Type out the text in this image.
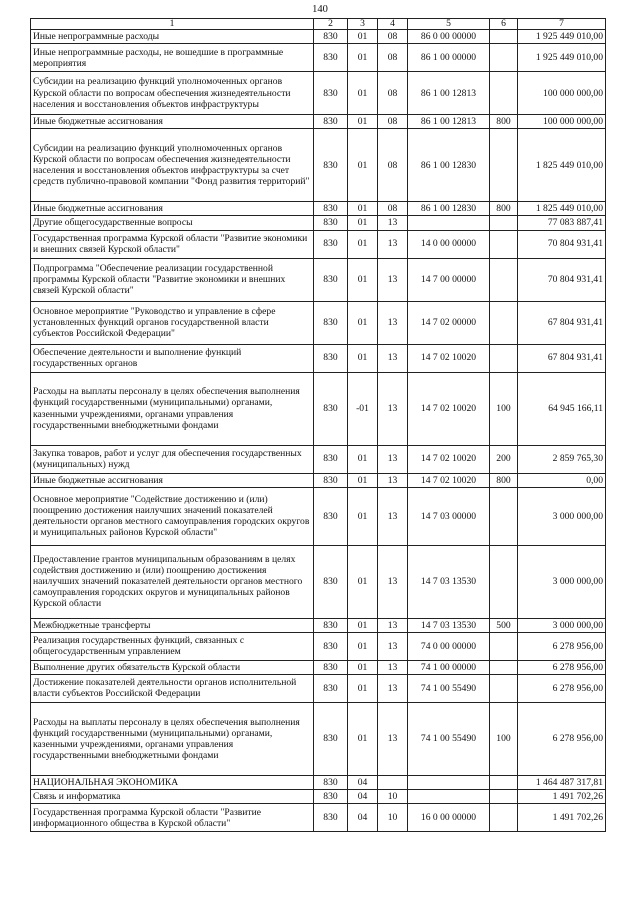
140
1	2	3	4	5	6	7
Иные непрограммные расходы	830	01	08	86 0 00 00000		1 925 449 010,00
Иные непрограммные расходы, не вошедшие в программные мероприятия	830	01	08	86 1 00 00000		1 925 449 010,00
Субсидии на реализацию функций уполномоченных органов Курской области по вопросам обеспечения жизнедеятельности населения и восстановления объектов инфраструктуры	830	01	08	86 1 00 12813		100 000 000,00
Иные бюджетные ассигнования	830	01	08	86 1 00 12813	800	100 000 000,00
Субсидии на реализацию функций уполномоченных органов Курской области по вопросам обеспечения жизнедеятельности населения и восстановления объектов инфраструктуры за счет средств публично-правовой компании "Фонд развития территорий"	830	01	08	86 1 00 12830		1 825 449 010,00
Иные бюджетные ассигнования	830	01	08	86 1 00 12830	800	1 825 449 010,00
Другие общегосударственные вопросы	830	01	13			77 083 887,41
Государственная программа Курской области "Развитие экономики и внешних связей Курской области"	830	01	13	14 0 00 00000		70 804 931,41
Подпрограмма "Обеспечение реализации государственной программы Курской области "Развитие экономики и внешних связей Курской области"	830	01	13	14 7 00 00000		70 804 931,41
Основное мероприятие "Руководство и управление в сфере установленных функций органов государственной власти субъектов Российской Федерации"	830	01	13	14 7 02 00000		67 804 931,41
Обеспечение деятельности и выполнение функций государственных органов	830	01	13	14 7 02 10020		67 804 931,41
Расходы на выплаты персоналу в целях обеспечения выполнения функций государственными (муниципальными) органами, казенными учреждениями, органами управления государственными внебюджетными фондами	830	-01	13	14 7 02 10020	100	64 945 166,11
Закупка товаров, работ и услуг для обеспечения государственных (муниципальных) нужд	830	01	13	14 7 02 10020	200	2 859 765,30
Иные бюджетные ассигнования	830	01	13	14 7 02 10020	800	0,00
Основное мероприятие "Содействие достижению и (или) поощрению достижения наилучших значений показателей деятельности органов местного самоуправления городских округов и муниципальных районов Курской области"	830	01	13	14 7 03 00000		3 000 000,00
Предоставление грантов муниципальным образованиям в целях содействия достижению и (или) поощрению достижения наилучших значений показателей деятельности органов местного самоуправления городских округов и муниципальных районов Курской области	830	01	13	14 7 03 13530		3 000 000,00
Межбюджетные трансферты	830	01	13	14 7 03 13530	500	3 000 000,00
Реализация государственных функций, связанных с общегосударственным управлением	830	01	13	74 0 00 00000		6 278 956,00
Выполнение других обязательств Курской области	830	01	13	74 1 00 00000		6 278 956,00
Достижение показателей деятельности органов исполнительной власти субъектов Российской Федерации	830	01	13	74 1 00 55490		6 278 956,00
Расходы на выплаты персоналу в целях обеспечения выполнения функций государственными (муниципальными) органами, казенными учреждениями, органами управления государственными внебюджетными фондами	830	01	13	74 1 00 55490	100	6 278 956,00
НАЦИОНАЛЬНАЯ ЭКОНОМИКА	830	04				1 464 487 317,81
Связь и информатика	830	04	10			1 491 702,26
Государственная программа Курской области "Развитие информационного общества в Курской области"	830	04	10	16 0 00 00000		1 491 702,26
